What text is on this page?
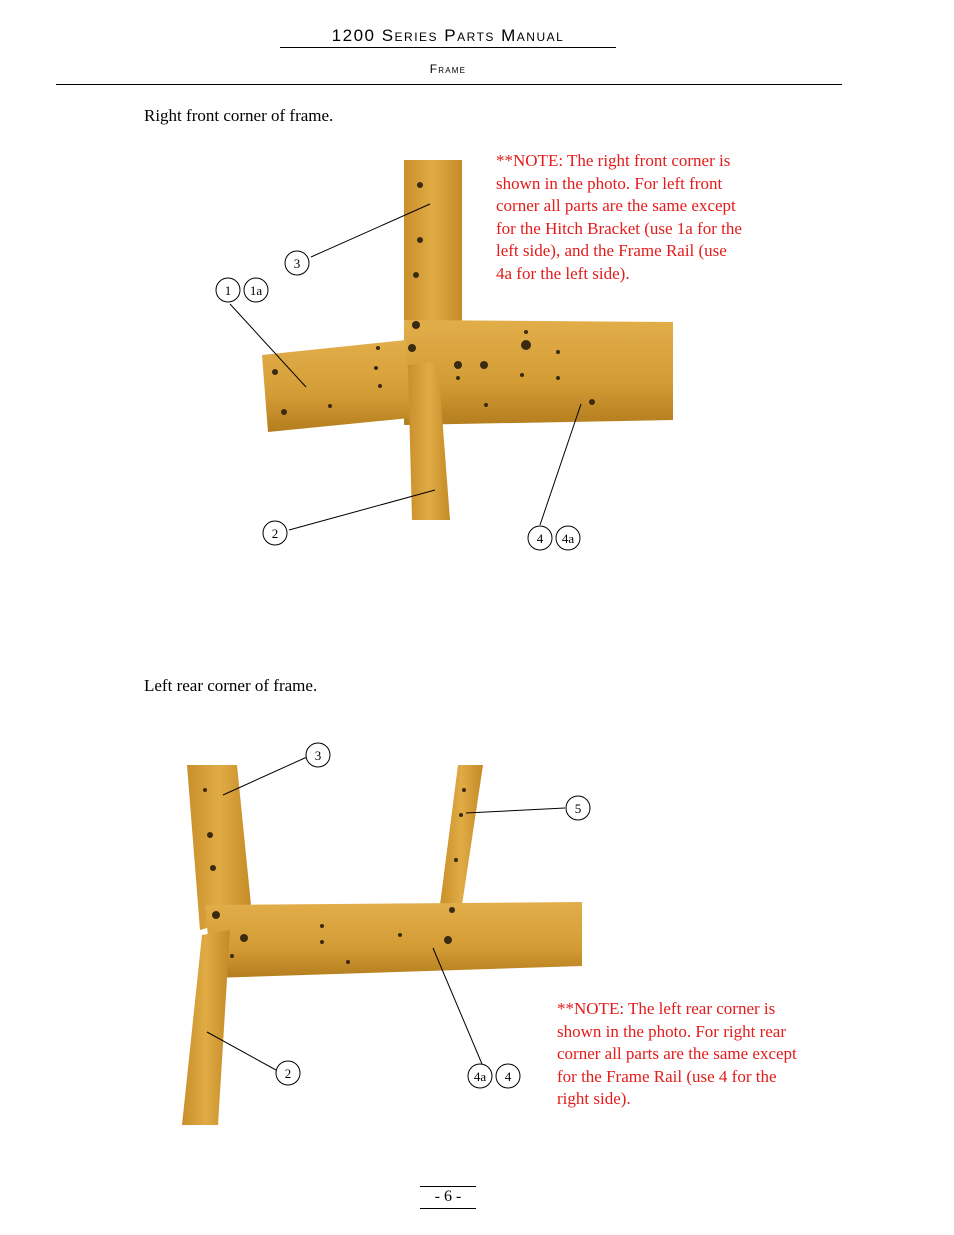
1200 Series Parts Manual
Frame
Right front corner of frame.
3
1 1a
2	4 4a
3
5
2	4a 4
**NOTE: The right front corner is shown in the photo. For left front corner all parts are the same except for the Hitch Bracket (use 1a for the left side), and the Frame Rail (use 4a for the left side).
Left rear corner of frame.
**NOTE: The left rear corner is shown in the photo. For right rear corner all parts are the same except for the Frame Rail (use 4 for the right side).
- 6 -
